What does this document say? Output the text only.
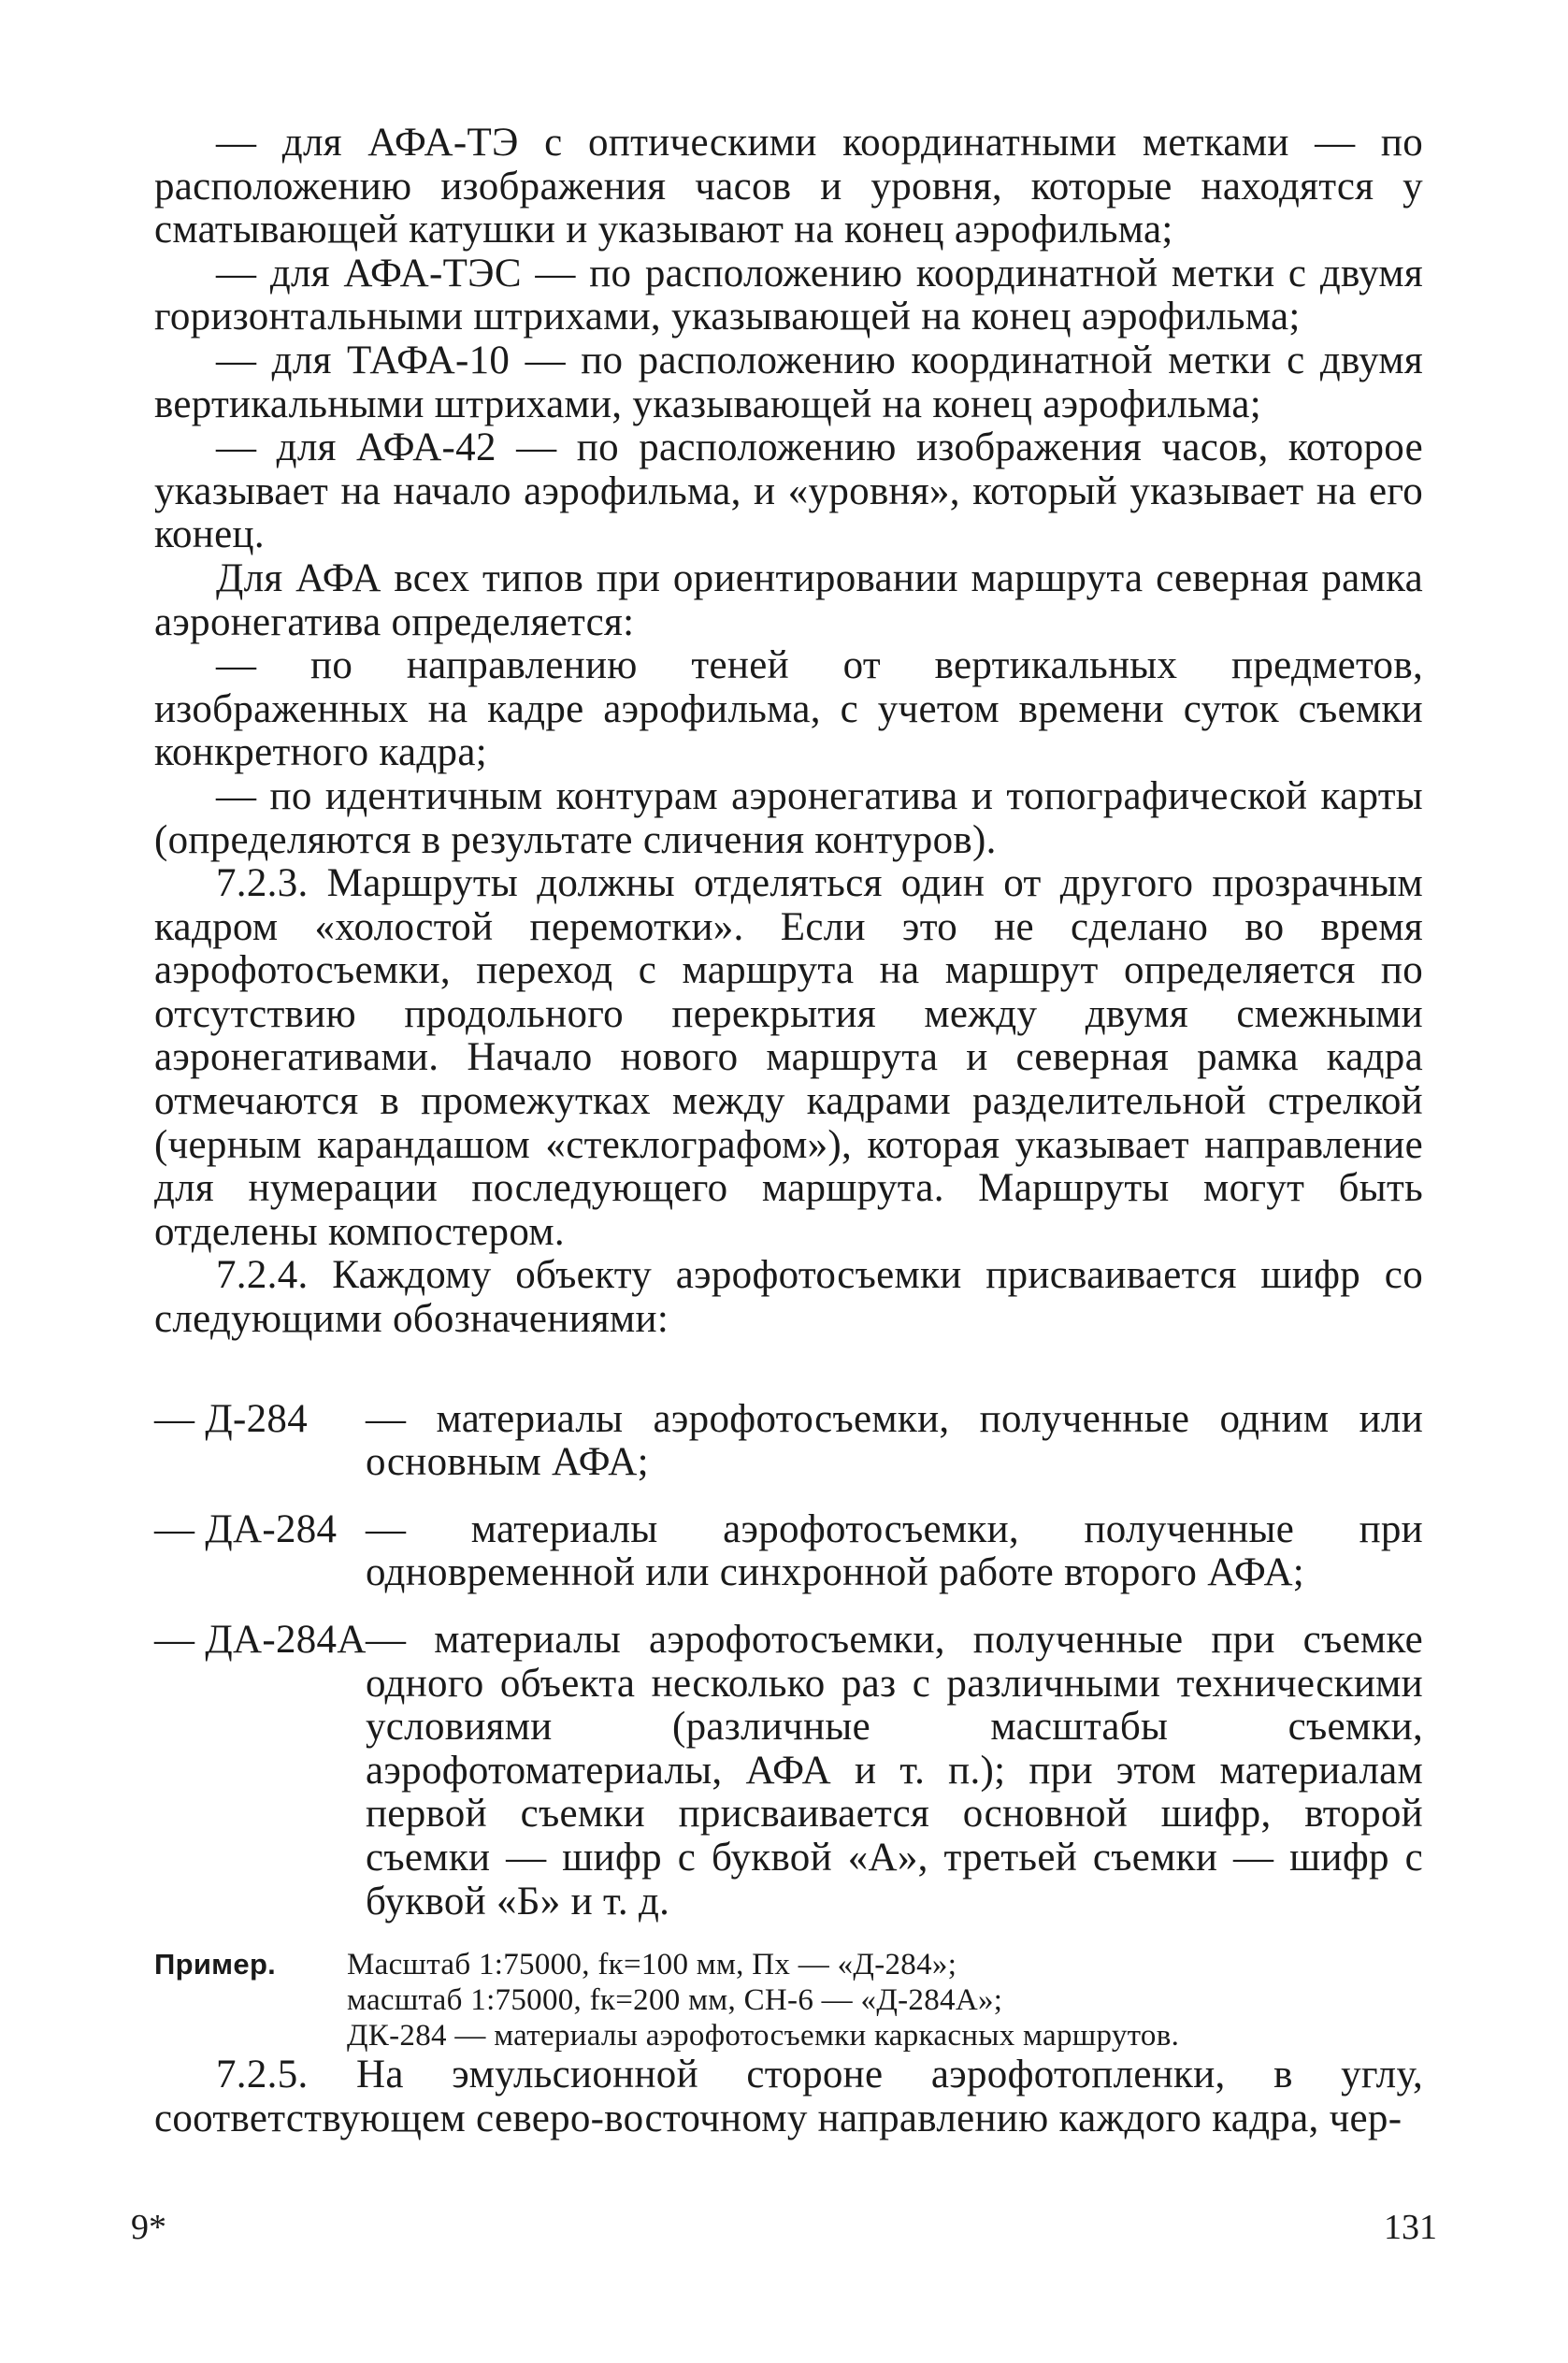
— для АФА-ТЭ с оптическими координатными метками — по расположению изображения часов и уровня, которые находятся у сматывающей катушки и указывают на конец аэрофильма;

— для АФА-ТЭС — по расположению координатной метки с двумя горизонтальными штрихами, указывающей на конец аэрофильма;

— для ТАФА-10 — по расположению координатной метки с двумя вертикальными штрихами, указывающей на конец аэрофильма;

— для АФА-42 — по расположению изображения часов, которое указывает на начало аэрофильма, и «уровня», который указывает на его конец.

Для АФА всех типов при ориентировании маршрута северная рамка аэронегатива определяется:

— по направлению теней от вертикальных предметов, изображенных на кадре аэрофильма, с учетом времени суток съемки конкретного кадра;

— по идентичным контурам аэронегатива и топографической карты (определяются в результате сличения контуров).

7.2.3. Маршруты должны отделяться один от другого прозрачным кадром «холостой перемотки». Если это не сделано во время аэрофотосъемки, переход с маршрута на маршрут определяется по отсутствию продольного перекрытия между двумя смежными аэронегативами. Начало нового маршрута и северная рамка кадра отмечаются в промежутках между кадрами разделительной стрелкой (черным карандашом «стеклографом»), которая указывает направление для нумерации последующего маршрута. Маршруты могут быть отделены компостером.

7.2.4. Каждому объекту аэрофотосъемки присваивается шифр со следующими обозначениями:

— Д-284	— материалы аэрофотосъемки, полученные одним или основным АФА;
— ДА-284 — материалы аэрофотосъемки, полученные при одновременной или синхронной работе второго АФА;
— ДА-284А — материалы аэрофотосъемки, полученные при съемке одного объекта несколько раз с различными техническими условиями (различные масштабы съемки, аэрофотоматериалы, АФА и т. п.); при этом материалам первой съемки присваивается основной шифр, второй съемки — шифр с буквой «А», третьей съемки — шифр с буквой «Б» и т. д.
Пример.	Масштаб 1:75000, fк=100 мм, Пх — «Д-284»;
масштаб 1:75000, fк=200 мм, СН-6 — «Д-284А»;
ДК-284 — материалы аэрофотосъемки каркасных маршрутов.

7.2.5. На эмульсионной стороне аэрофотопленки, в углу, соответствующем северо-восточному направлению каждого кадра, чер-

9*	131
